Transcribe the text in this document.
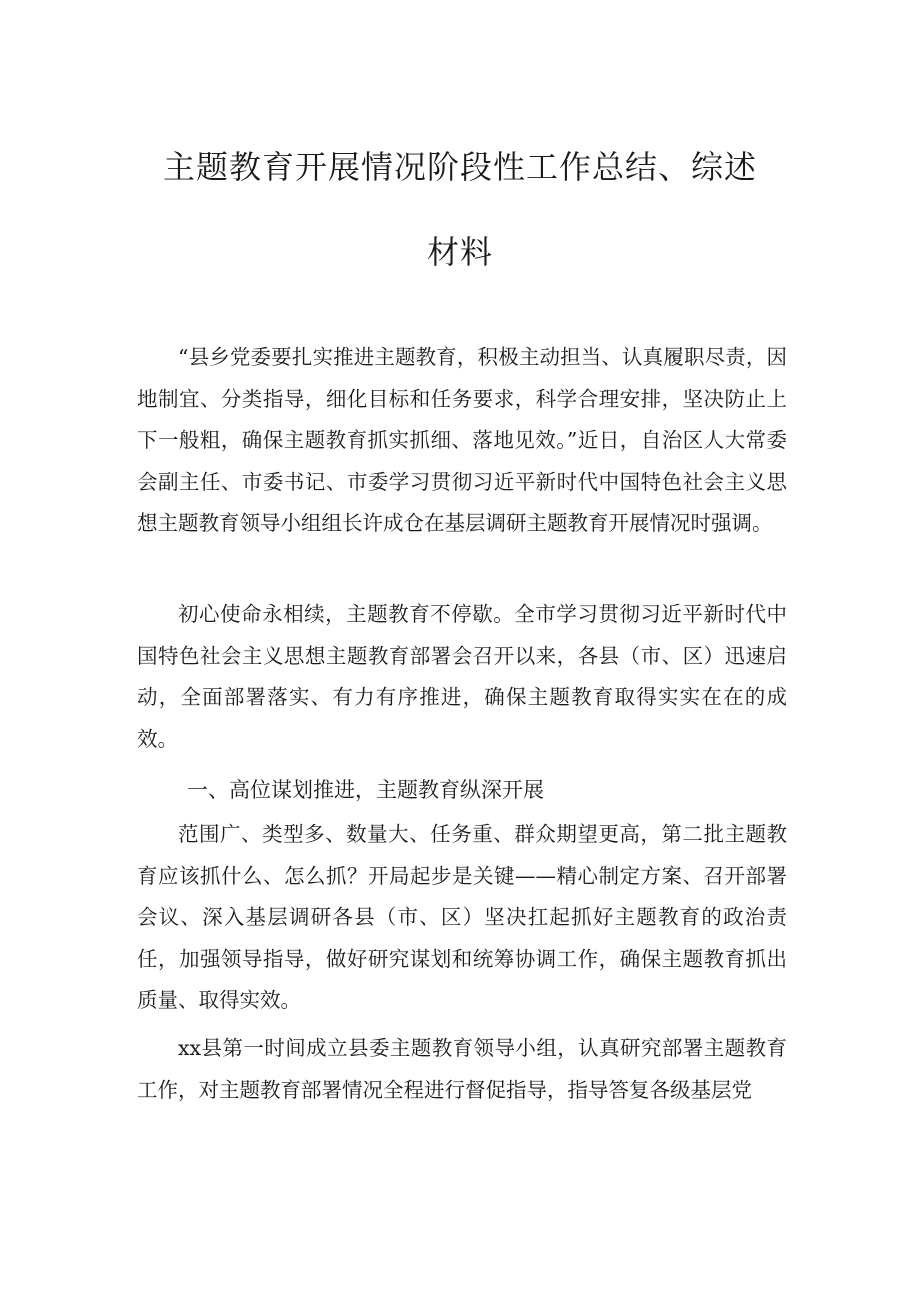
主题教育开展情况阶段性工作总结、综述
材料

“县乡党委要扎实推进主题教育，积极主动担当、认真履职尽责，因地制宜、分类指导，细化目标和任务要求，科学合理安排，坚决防止上下一般粗，确保主题教育抓实抓细、落地见效。”近日，自治区人大常委会副主任、市委书记、市委学习贯彻习近平新时代中国特色社会主义思想主题教育领导小组组长许成仓在基层调研主题教育开展情况时强调。

初心使命永相续，主题教育不停歇。全市学习贯彻习近平新时代中国特色社会主义思想主题教育部署会召开以来，各县（市、区）迅速启动，全面部署落实、有力有序推进，确保主题教育取得实实在在的成效。

一、高位谋划推进，主题教育纵深开展

范围广、类型多、数量大、任务重、群众期望更高，第二批主题教育应该抓什么、怎么抓？开局起步是关键——精心制定方案、召开部署会议、深入基层调研各县（市、区）坚决扛起抓好主题教育的政治责任，加强领导指导，做好研究谋划和统筹协调工作，确保主题教育抓出质量、取得实效。

xx县第一时间成立县委主题教育领导小组，认真研究部署主题教育工作，对主题教育部署情况全程进行督促指导，指导答复各级基层党
